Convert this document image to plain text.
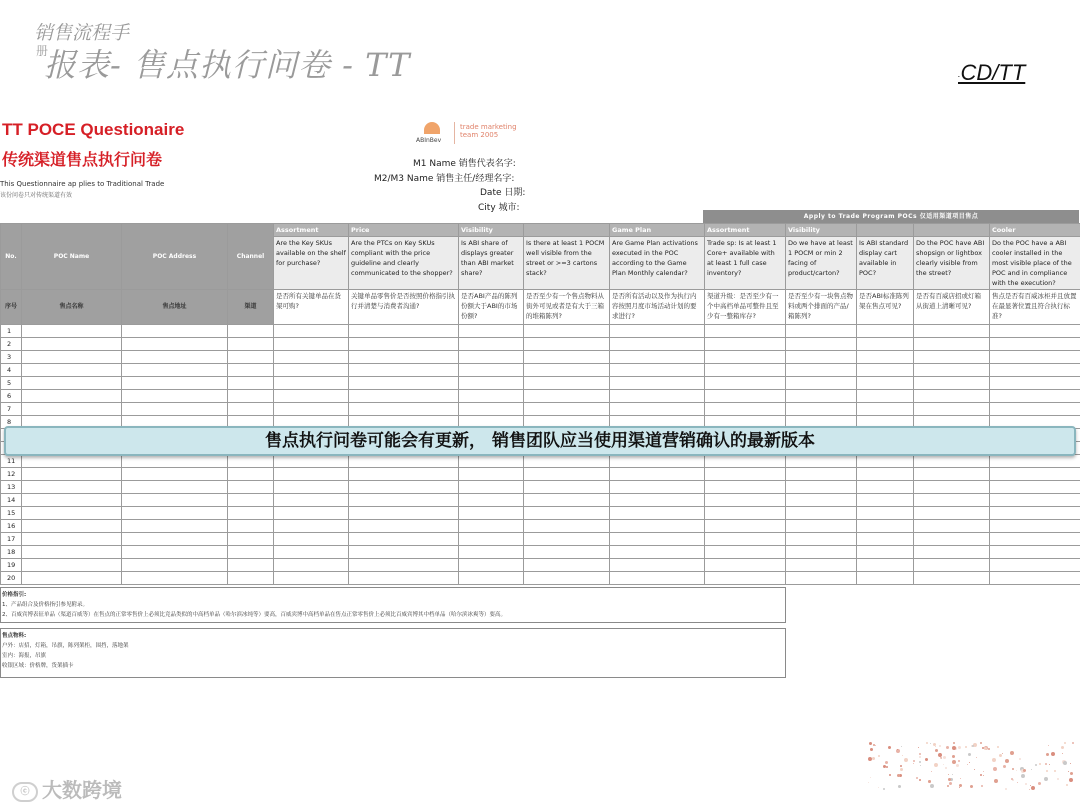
销售流程手
册
报表- 售点执行问卷 - TT	.CD/TT
TT POCE Questionaire
传统渠道售点执行问卷
This Questionnaire ap plies to Traditional Trade
该份问卷只对传统渠道有效
ABInBev
trade marketing
team 2005
M1 Name 销售代表名字:
M2/M3 Name 销售主任/经理名字:
Date 日期:
City 城市:
Apply to Trade Program POCs 仅适用渠道项目售点
No.	POC Name	POC Address	Channel	Assortment	Price	Visibility		Game Plan	Assortment	Visibility			Cooler
				Are the Key SKUs available on the shelf for purchase?	Are the PTCs on Key SKUs compliant with the price guideline and clearly communicated to the shopper?	Is ABI share of displays greater than ABI market share?	Is there at least 1 POCM well visible from the street or >=3 cartons stack?	Are Game Plan activations executed in the POC according to the Game Plan Monthly calendar?	Trade sp: Is at least 1 Core+ available with at least 1 full case inventory?	Do we have at least 1 POCM or min 2 facing of product/carton?	Is ABI standard display cart available in POC?	Do the POC have ABI shopsign or lightbox clearly visible from the street?	Do the POC have a ABI cooler installed in the most visible place of the POC and in compliance with the execution?
序号	售点名称	售点地址	渠道	是否所有关键单品在货架可购?	关键单品零售价是否按照价格指引执行并清楚与消费者沟通?	是否ABI产品的陈列份额大于ABI的市场份额?	是否至少有一个售点物料从街外可见或者是有大于三箱的堆箱陈列?	是否所有活动以及作为执行内容按照月度市场活动计划的要求进行?	渠道升级：是否至少有一个中高档单品可整件且至少有一整箱库存?	是否至少有一块售点物料或两个排面的产品/箱陈列?	是否ABI标准陈列架在售点可见?	是否有百威店招或灯箱从街道上清晰可见?	售点是否有百威冰柜并且放置在最显著位置且符合执行标准?
1													
2													
3													
4													
5													
6													
7													
8													

11													
12													
13													
14													
15													
16													
17													
18													
19													
20													
售点执行问卷可能会有更新， 销售团队应当使用渠道营销确认的最新版本
价格指引:
1、产品组合及价格指引参见附录。
2、百威宾博表征单品（渠道百威等）在售点的正常零售价上必须比竞品类似的中高档单品（哈尔滨冰纯等）要高，百威宾博中高档单品在售点正常零售价上必须比百威宾博其中档单品（哈尔滨冰爽等）要高。
售点物料:
户外：店招，灯箱，吊旗，陈列架柜，围挡，落地架
室内：海报，吊旗
收银区域：价格牌，货架插卡
ⓒ 大数跨境
